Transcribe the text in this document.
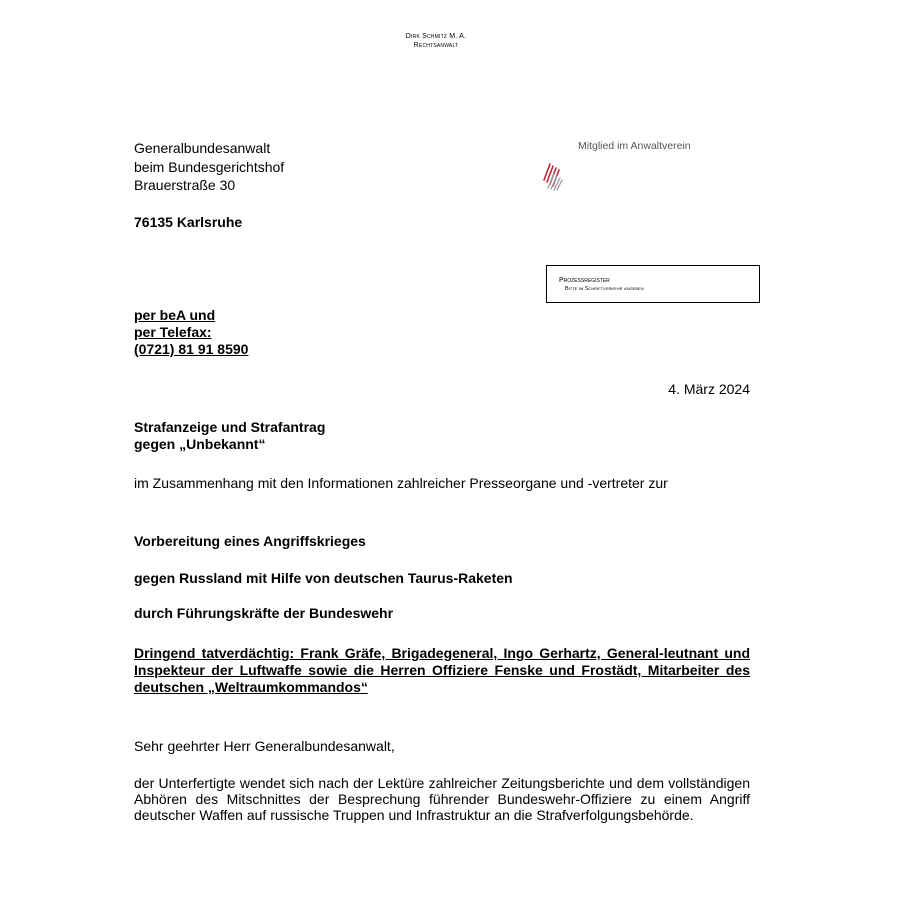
Dirk Schmitz M. A.
Rechtsanwalt
Generalbundesanwalt
beim Bundesgerichtshof
Brauerstraße 30
76135 Karlsruhe
Mitglied im Anwaltverein
Prozeßregister
Bitte im Schriftverkehr angeben
per beA und
per Telefax:
(0721) 81 91 8590
4. März 2024
Strafanzeige und Strafantrag
gegen „Unbekannt“
im Zusammenhang mit den Informationen zahlreicher Presseorgane und -vertreter zur
Vorbereitung eines Angriffskrieges
gegen Russland mit Hilfe von deutschen Taurus-Raketen
durch Führungskräfte der Bundeswehr
Dringend tatverdächtig: Frank Gräfe, Brigadegeneral, Ingo Gerhartz, General-leutnant und Inspekteur der Luftwaffe sowie die Herren Offiziere Fenske und Frostädt, Mitarbeiter des deutschen „Weltraumkommandos“
Sehr geehrter Herr Generalbundesanwalt,
der Unterfertigte wendet sich nach der Lektüre zahlreicher Zeitungsberichte und dem vollständigen Abhören des Mitschnittes der Besprechung führender Bundeswehr-Offiziere zu einem Angriff deutscher Waffen auf russische Truppen und Infrastruktur an die Strafverfolgungsbehörde.
